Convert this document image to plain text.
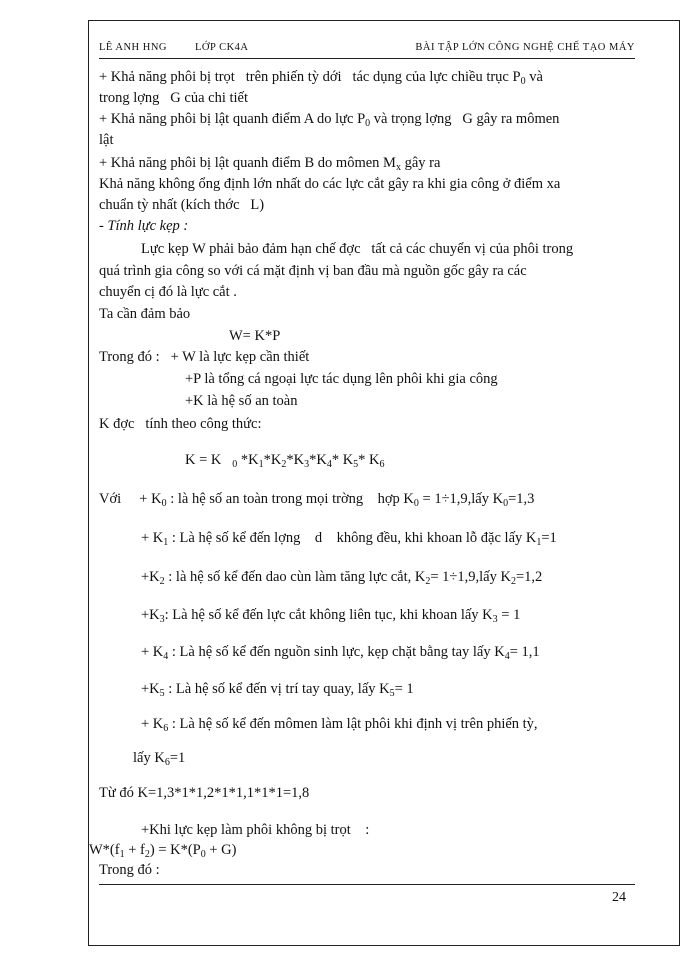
LÊ ANH HNG	LỚP CK4A	BÀI TẬP LỚN CÔNG NGHỆ CHẾ TẠO MÁY
+ Khả năng phôi bị trọt   trên phiến tỳ dới   tác dụng của lực chiều trục $P_0$ và
trong lợng   G của chi tiết
+ Khả năng phôi bị lật quanh điểm A do lực $P_0$ và trọng lợng   G gây ra mômen
lật
+ Khả năng phôi bị lật quanh điểm B do mômen $M_x$ gây ra
Khả năng không ổng định lớn nhất do các lực cắt gây ra khi gia công ở điểm xa
chuẩn tỳ nhất (kích thớc   L)
- Tính lực kẹp :
Lực kẹp W phải bảo đảm hạn chế đợc   tất cả các chuyển vị của phôi trong
quá trình gia công so với cá mặt định vị ban đầu mà nguồn gốc gây ra các
chuyển cị đó là lực cắt .
Ta cần đảm bảo
W= K*P
Trong đó :   + W là lực kẹp cần thiết
+P là tổng cá ngoại lực tác dụng lên phôi khi gia công
+K là hệ số an toàn
K đợc   tính theo công thức:
K = K   $_0$ $*K_1*K_2*K_3*K_4*$ $K_5*$ $K_6$
Với     + $K_0$ : là hệ số an toàn trong mọi trờng    hợp $K_0$ = 1÷1,9,lấy $K_0=1,3$
+ $K_1$ : Là hệ số kể đến lợng    d    không đều, khi khoan lỗ đặc lấy $K_1=1$
$+K_2$ : là hệ số kể đến dao cùn làm tăng lực cắt, $K_2=$ 1÷1,9,lấy $K_2=1,2$
$+K_3$: Là hệ số kể đến lực cắt không liên tục, khi khoan lấy $K_3 = 1$
+ $K_4$ : Là hệ số kể đến nguồn sinh lực, kẹp chặt bằng tay lấy $K_4= 1,1$
$+K_5$ : Là hệ số kể đến vị trí tay quay, lấy $K_5= 1$
+ $K_6$ : Là hệ số kể đến mômen làm lật phôi khi định vị trên phiến tỳ,
lấy $K_6=1$
Từ đó K=1,3*1*1,2*1*1,1*1*1=1,8
+Khi lực kẹp làm phôi không bị trọt    :
$W*(f_1 + f_2) = K*(P_0 + G)$
Trong đó :
24
